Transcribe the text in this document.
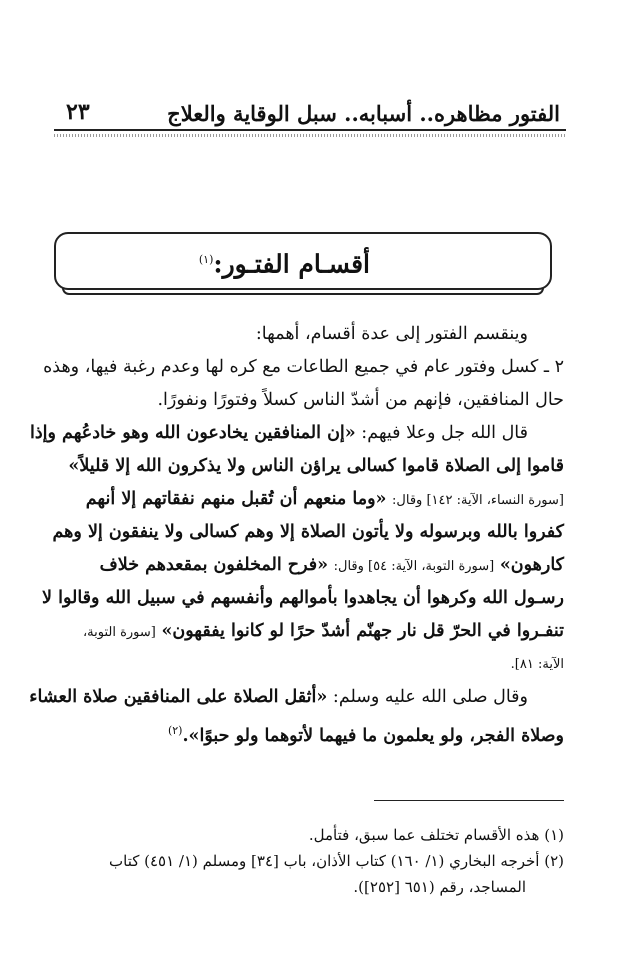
الفتور مظاهره.. أسبابه.. سبل الوقاية والعلاج
٢٣
أقسـام الفتـور:$^{(١)}$
وينقسم الفتور إلى عدة أقسام، أهمها:
٢ ـ كسل وفتور عام في جميع الطاعات مع كره لها وعدم رغبة فيها، وهذه
حال المنافقين، فإنهم من أشدّ الناس كسلاً وفتورًا ونفورًا.
قال الله جل وعلا فيهم: «إن المنافقين يخادعون الله وهو خادعُهم وإذا
قاموا إلى الصلاة قاموا كسالى يراؤن الناس ولا يذكرون الله إلا قليلاً»
[سورة النساء، الآية: ١٤٢] وقال: «وما منعهم أن تُقبل منهم نفقاتهم إلا أنهم
كفروا بالله وبرسوله ولا يأتون الصلاة إلا وهم كسالى ولا ينفقون إلا وهم
كارهون» [سورة التوبة، الآية: ٥٤] وقال: «فرح المخلفون بمقعدهم خلاف
رسـول الله وكرهوا أن يجاهدوا بأموالهم وأنفسهم في سبيل الله وقالوا لا
تنفـروا في الحرّ قل نار جهنّم أشدّ حرًا لو كانوا يفقهون» [سورة التوبة،
الآية: ٨١].
وقال صلى الله عليه وسلم: «أثقل الصلاة على المنافقين صلاة العشاء
وصلاة الفجر، ولو يعلمون ما فيهما لأتوهما ولو حبوًا».$^{(٢)}$
(١) هذه الأقسام تختلف عما سبق، فتأمل.
(٢) أخرجه البخاري (١/ ١٦٠) كتاب الأذان، باب [٣٤] ومسلم (١/ ٤٥١) كتاب
المساجد، رقم (٦٥١ [٢٥٢]).
